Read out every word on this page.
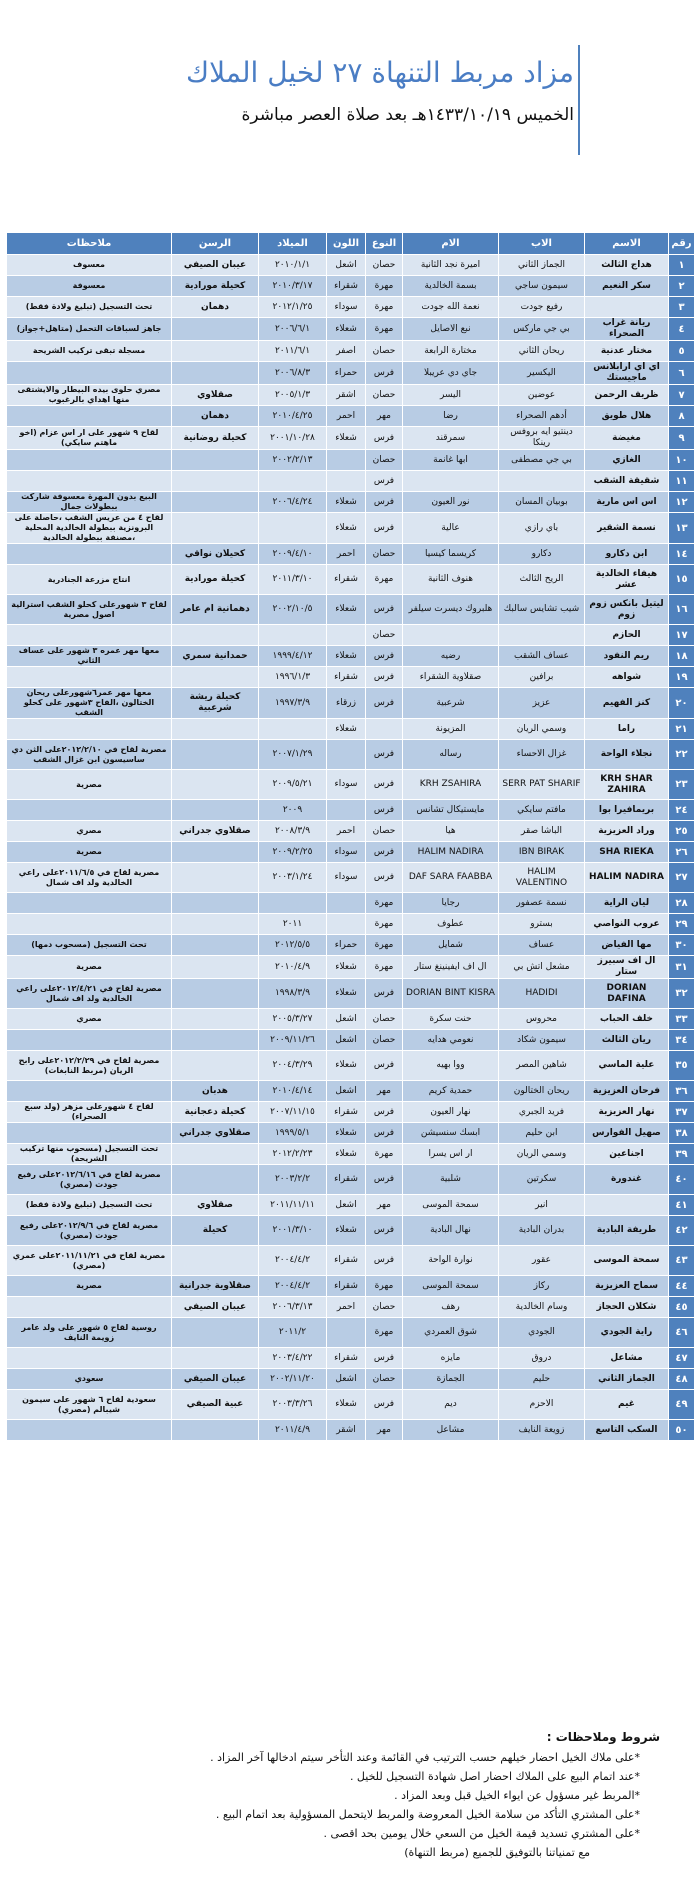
مزاد مربط التنهاة ٢٧ لخيل الملاك
الخميس ١٤٣٣/١٠/١٩هـ بعد صلاة العصر مباشرة
رقم	الاسم	الاب	الام	النوع	اللون	الميلاد	الرسن	ملاحظات
١	هداج الثالث	الجماز الثاني	اميرة نجد الثانية	حصان	اشعل	٢٠١٠/١/١	عيبان الصيفي	معسوف
٢	سكر النعيم	سيمون ساجي	بسمة الخالدية	مهرة	شقراء	٢٠١٠/٣/١٧	كحيلة مورادية	معسوفة
٣		رفيع جودت	نعمة الله جودت	مهرة	سوداء	٢٠١٢/١/٢٥	دهمان	تحت التسجيل (تبليغ ولادة فقط)
٤	ريانة غراب الصحراء	بي جي ماركس	نبع الاصايل	مهرة	شعلاء	٢٠٠٦/٦/١		جاهز لسباقات التحمل (متاهل+جواز)
٥	مختار عدنية	ريحان الثاني	مختارة الرابعة	حصان	اصفر	٢٠١١/٦/١		مسجلة تبقى تركيب الشريحة
٦	اي اي ارابلانس ماجيستك	اليكسير	جاي دي عريبلا	فرس	حمراء	٢٠٠٦/٨/٣		
٧	ظريف الرحمن	عوضين	اليسر	حصان	اشقر	٢٠٠٥/١/٣	صقلاوي	مصري حلوى بيده البيطار والايشتقى منها اهداي بالرغبوب
٨	هلال طويق	أدهم الصحراء	رضا	مهر	احمر	٢٠١٠/٤/٢٥	دهمان	
٩	مغيضة	دينتيو ايه بروفس رينكا	سمرقند	فرس	شعلاء	٢٠٠١/١٠/٢٨	كحيلة روضانية	لقاح ٩ شهور على ار اس عزام (اخو ماهتم سايكي)
١٠	الغازي	بي جي مصطفى	ابها غانمة	حصان		٢٠٠٢/٢/١٣		
١١	شقيقة الشقب			فرس				
١٢	اس اس مارية	بوبيان المسان	نور العيون	فرس	شعلاء	٢٠٠٦/٤/٢٤		البيع بدون المهرة معسوفة شاركت ببطولات جمال
١٣	نسمة الشقير	باي رازي	عالية	فرس	شعلاء			لقاح ٤ من عريس الشقب ،حاصلة على البرونزية ببطولة الخالدية المحلية ،مصنفة ببطولة الخالدية
١٤	ابن دكارو	دكارو	كريسما كيسيا	حصان	احمر	٢٠٠٩/٤/١٠	كحيلان نواقي	
١٥	هيفاء الخالدية عشر	الريح الثالث	هنوف الثانية	مهرة	شقراء	٢٠١١/٣/١٠	كحيلة مورادية	انتاج مزرعة الجنادرية
١٦	ليتيل بانكس زوم زوم	شيب تشايس سالبك	هلبروك ديسرت سيلفر	فرس	شعلاء	٢٠٠٢/١٠/٥	دهمانية ام عامر	لقاح ٣ شهورعلى كحلو الشقب استرالية اصول مصرية
١٧	الحازم			حصان				
١٨	ريم النفود	عساف الشقب	رضيه	فرس	شعلاء	١٩٩٩/٤/١٢	حمدانية سمري	معها مهر عمره ٣ شهور على عساف الثاني
١٩	شواهه	برافين	صقلاوية الشقراء	فرس	شقراء	١٩٩٦/١/٣		
٢٠	كنز الفهيم	عزيز	شرعبية	فرس	زرقاء	١٩٩٧/٣/٩	كحيلة ريشة شرعبية	معها مهر عمر٦شهورعلى ريحان الختالون ،الفاح ٣شهور على كحلو الشقب
٢١	راما	وسمي الريان	المزيونة		شعلاء			
٢٢	نجلاء الواحة	غزال الاحساء	رساله	فرس		٢٠٠٧/١/٢٩		مصرية لقاح في ٢٠١٢/٢/١٠على الثن دي ساسيسون ابن غزال الشقب
٢٣	KRH SHAR ZAHIRA	SERR PAT SHARIF	KRH ZSAHIRA	فرس	سوداء	٢٠٠٩/٥/٢١		مصرية
٢٤	بريمافيرا بوا	مافتم سايكي	مايستيكال تشانس	فرس		٢٠٠٩		
٢٥	وراد العزيزية	الباشا صقر	هيا	حصان	احمر	٢٠٠٨/٣/٩	صقلاوي جدراني	مصري
٢٦	SHA RIEKA	IBN BIRAK	HALIM NADIRA	فرس	سوداء	٢٠٠٩/٢/٢٥		مصرية
٢٧	HALIM NADIRA	HALIM VALENTINO	DAF SARA FAABBA	فرس	سوداء	٢٠٠٣/١/٢٤		مصرية لقاح في ٢٠١١/٦/٥على راعي الخالدية ولد اف شمال
٢٨	ليان الراية	نسمة عصفور	رجايا	مهرة				
٢٩	عروب النواصي	بسترو	عطوف	مهرة		٢٠١١		
٣٠	مها الفياض	عساف	شمايل	مهرة	حمراء	٢٠١٢/٥/٥		تحت التسجيل (مسحوب دمها)
٣١	ال اف سبيرز ستار	مشعل اتش بي	ال اف ايفينينغ ستار	مهرة	شعلاء	٢٠١٠/٤/٩		مصرية
٣٢	DORIAN DAFINA	HADIDI	DORIAN BINT KISRA	فرس	شعلاء	١٩٩٨/٣/٩		مصرية لقاح في ٢٠١٢/٤/٢١على راعي الخالدية ولد اف شمال
٣٣	خلف الحباب	محروس	حنت سكرة	حصان	اشعل	٢٠٠٥/٣/٢٧		مصري
٣٤	ريان الثالث	سيمون شكاد	نعومي هدايه	حصان	اشعل	٢٠٠٩/١١/٢٦		
٣٥	علية الماسي	شاهين المصر	ووا بهيه	فرس	شعلاء	٢٠٠٤/٣/٢٩		مصرية لقاح في ٢٠١٢/٢/٢٩على رابح الريان (مربط النابغات)
٣٦	فرحان العزيزية	ريحان الختالون	حمدية كريم	مهر	اشعل	٢٠١٠/٤/١٤	هدبان	
٣٧	نهار العزيزية	فريد الجبري	نهار العيون	فرس	شقراء	٢٠٠٧/١١/١٥	كحيلة دعجانية	لقاح ٤ شهورعلى مزهر (ولد سبع الصحراء)
٣٨	صهيل الفوارس	ابن حليم	ابسك سنسيشن	فرس	شعلاء	١٩٩٩/٥/١	صقلاوي جدراني	
٣٩	اجناعين	وسمي الريان	ار اس يسرا	مهرة	شعلاء	٢٠١٢/٢/٢٣		تحت التسجيل (مسحوب منها تركيب الشريحة)
٤٠	غندورة	سكرتين	شلبية	فرس	شقراء	٢٠٠٣/٢/٢		مصرية لقاح في ٢٠١٢/٦/١٦على رفيع جودت (مصري)
٤١		انير	سمحة الموسى	مهر	اشعل	٢٠١١/١١/١١	صقلاوي	تحت التسجيل (تبليغ ولادة فقط)
٤٢	طريفة البادية	بدران البادية	نهال البادية	فرس	شعلاء	٢٠٠١/٣/١٠	كحيلة	مصرية لقاح في ٢٠١٢/٩/٦على رفيع جودت (مصري)
٤٣	سمحة الموسى	عقور	نوارة الواحة	فرس	شقراء	٢٠٠٤/٤/٢		مصرية لقاح في ٢٠١١/١١/٢١على عمري (مصري)
٤٤	سماح العزيزية	ركاز	سمحة الموسى	مهرة	شقراء	٢٠٠٤/٤/٢	صقلاوية جدرانية	مصرية
٤٥	شكلان الحجاز	وسام الخالدية	رهف	حصان	احمر	٢٠٠٦/٣/١٣	عيبان الصيفي	
٤٦	راية الجودي	الجودي	شوق العمردي	مهرة		٢٠١١/٢		روسية لقاح ٥ شهور على ولد عامر زويمة النايف
٤٧	مشاعل	دروق	مايزه	فرس	شقراء	٢٠٠٣/٤/٢٢		
٤٨	الجماز الثاني	حليم	الجمازة	حصان	اشعل	٢٠٠٢/١١/٢٠	عيبان الصيفي	سعودي
٤٩	غيم	الاحزم	ديم	فرس	شعلاء	٢٠٠٣/٣/٢٦	عبية الصيفي	سعودية لقاح ٦ شهور على سيمون شيبالم (مصري)
٥٠	السكب التاسع	زويعة النايف	مشاعل	مهر	اشقر	٢٠١١/٤/٩		
شروط وملاحظات :

*على ملاك الخيل احضار خيلهم حسب الترتيب في القائمة وعند التأخر سيتم ادخالها آخر المزاد .

*عند اتمام البيع على الملاك احضار اصل شهادة التسجيل للخيل .

*المربط غير مسؤول عن ايواء الخيل قبل وبعد المزاد .

*على المشتري التأكد من سلامة الخيل المعروضة والمربط لايتحمل المسؤولية بعد اتمام البيع .

*على المشتري تسديد قيمة الخيل من السعي خلال يومين بحد اقصى .

مع تمنياتنا بالتوفيق للجميع (مربط التنهاة)
